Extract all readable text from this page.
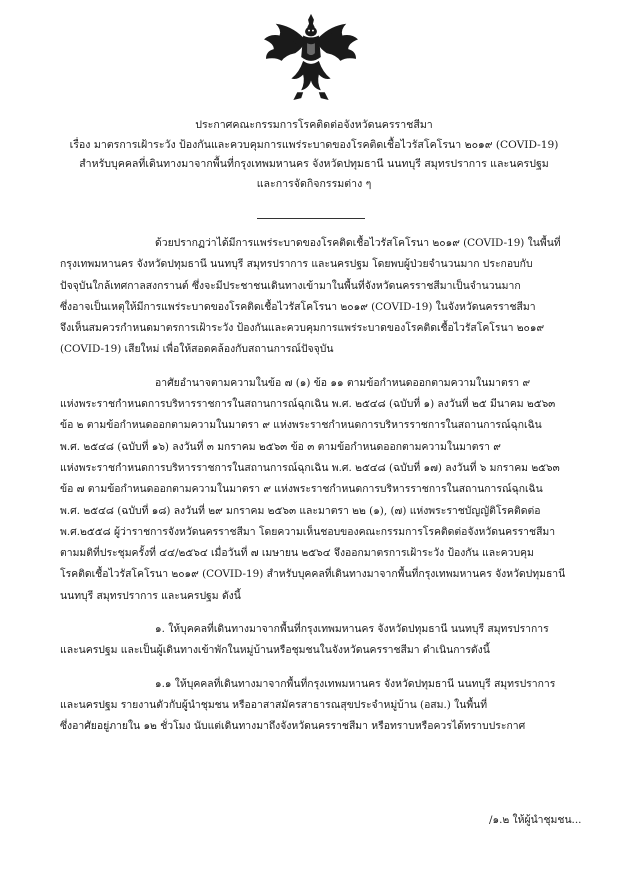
ประกาศคณะกรรมการโรคติดต่อจังหวัดนครราชสีมา
เรื่อง มาตรการเฝ้าระวัง ป้องกันและควบคุมการแพร่ระบาดของโรคติดเชื้อไวรัสโคโรนา ๒๐๑๙ (COVID-19)
สำหรับบุคคลที่เดินทางมาจากพื้นที่กรุงเทพมหานคร จังหวัดปทุมธานี นนทบุรี สมุทรปราการ และนครปฐม
และการจัดกิจกรรมต่าง ๆ
ด้วยปรากฏว่าได้มีการแพร่ระบาดของโรคติดเชื้อไวรัสโคโรนา ๒๐๑๙ (COVID-19) ในพื้นที่
กรุงเทพมหานคร จังหวัดปทุมธานี นนทบุรี สมุทรปราการ และนครปฐม โดยพบผู้ป่วยจำนวนมาก ประกอบกับ
ปัจจุบันใกล้เทศกาลสงกรานต์ ซึ่งจะมีประชาชนเดินทางเข้ามาในพื้นที่จังหวัดนครราชสีมาเป็นจำนวนมาก
ซึ่งอาจเป็นเหตุให้มีการแพร่ระบาดของโรคติดเชื้อไวรัสโคโรนา ๒๐๑๙ (COVID-19) ในจังหวัดนครราชสีมา
จึงเห็นสมควรกำหนดมาตรการเฝ้าระวัง ป้องกันและควบคุมการแพร่ระบาดของโรคติดเชื้อไวรัสโคโรนา ๒๐๑๙
(COVID-19) เสียใหม่ เพื่อให้สอดคล้องกับสถานการณ์ปัจจุบัน
อาศัยอำนาจตามความในข้อ ๗ (๑) ข้อ ๑๑ ตามข้อกำหนดออกตามความในมาตรา ๙
แห่งพระราชกำหนดการบริหารราชการในสถานการณ์ฉุกเฉิน พ.ศ. ๒๕๔๘ (ฉบับที่ ๑) ลงวันที่ ๒๕ มีนาคม ๒๕๖๓
ข้อ ๒ ตามข้อกำหนดออกตามความในมาตรา ๙ แห่งพระราชกำหนดการบริหารราชการในสถานการณ์ฉุกเฉิน
พ.ศ. ๒๕๔๘ (ฉบับที่ ๑๖) ลงวันที่ ๓ มกราคม ๒๕๖๓ ข้อ ๓ ตามข้อกำหนดออกตามความในมาตรา ๙
แห่งพระราชกำหนดการบริหารราชการในสถานการณ์ฉุกเฉิน พ.ศ. ๒๕๔๘ (ฉบับที่ ๑๗) ลงวันที่ ๖ มกราคม ๒๕๖๓
ข้อ ๗ ตามข้อกำหนดออกตามความในมาตรา ๙ แห่งพระราชกำหนดการบริหารราชการในสถานการณ์ฉุกเฉิน
พ.ศ. ๒๕๔๘ (ฉบับที่ ๑๘) ลงวันที่ ๒๙ มกราคม ๒๕๖๓ และมาตรา ๒๒ (๑), (๗) แห่งพระราชบัญญัติโรคติดต่อ
พ.ศ.๒๕๕๘ ผู้ว่าราชการจังหวัดนครราชสีมา โดยความเห็นชอบของคณะกรรมการโรคติดต่อจังหวัดนครราชสีมา
ตามมติที่ประชุมครั้งที่ ๔๔/๒๕๖๔ เมื่อวันที่ ๗ เมษายน ๒๕๖๔ จึงออกมาตรการเฝ้าระวัง ป้องกัน และควบคุม
โรคติดเชื้อไวรัสโคโรนา ๒๐๑๙ (COVID-19) สำหรับบุคคลที่เดินทางมาจากพื้นที่กรุงเทพมหานคร จังหวัดปทุมธานี
นนทบุรี สมุทรปราการ และนครปฐม ดังนี้
๑. ให้บุคคลที่เดินทางมาจากพื้นที่กรุงเทพมหานคร จังหวัดปทุมธานี นนทบุรี สมุทรปราการ
และนครปฐม และเป็นผู้เดินทางเข้าพักในหมู่บ้านหรือชุมชนในจังหวัดนครราชสีมา ดำเนินการดังนี้
๑.๑ ให้บุคคลที่เดินทางมาจากพื้นที่กรุงเทพมหานคร จังหวัดปทุมธานี นนทบุรี สมุทรปราการ
และนครปฐม รายงานตัวกับผู้นำชุมชน หรืออาสาสมัครสาธารณสุขประจำหมู่บ้าน (อสม.) ในพื้นที่
ซึ่งอาศัยอยู่ภายใน ๑๒ ชั่วโมง นับแต่เดินทางมาถึงจังหวัดนครราชสีมา หรือทราบหรือควรได้ทราบประกาศ
/๑.๒ ให้ผู้นำชุมชน...
